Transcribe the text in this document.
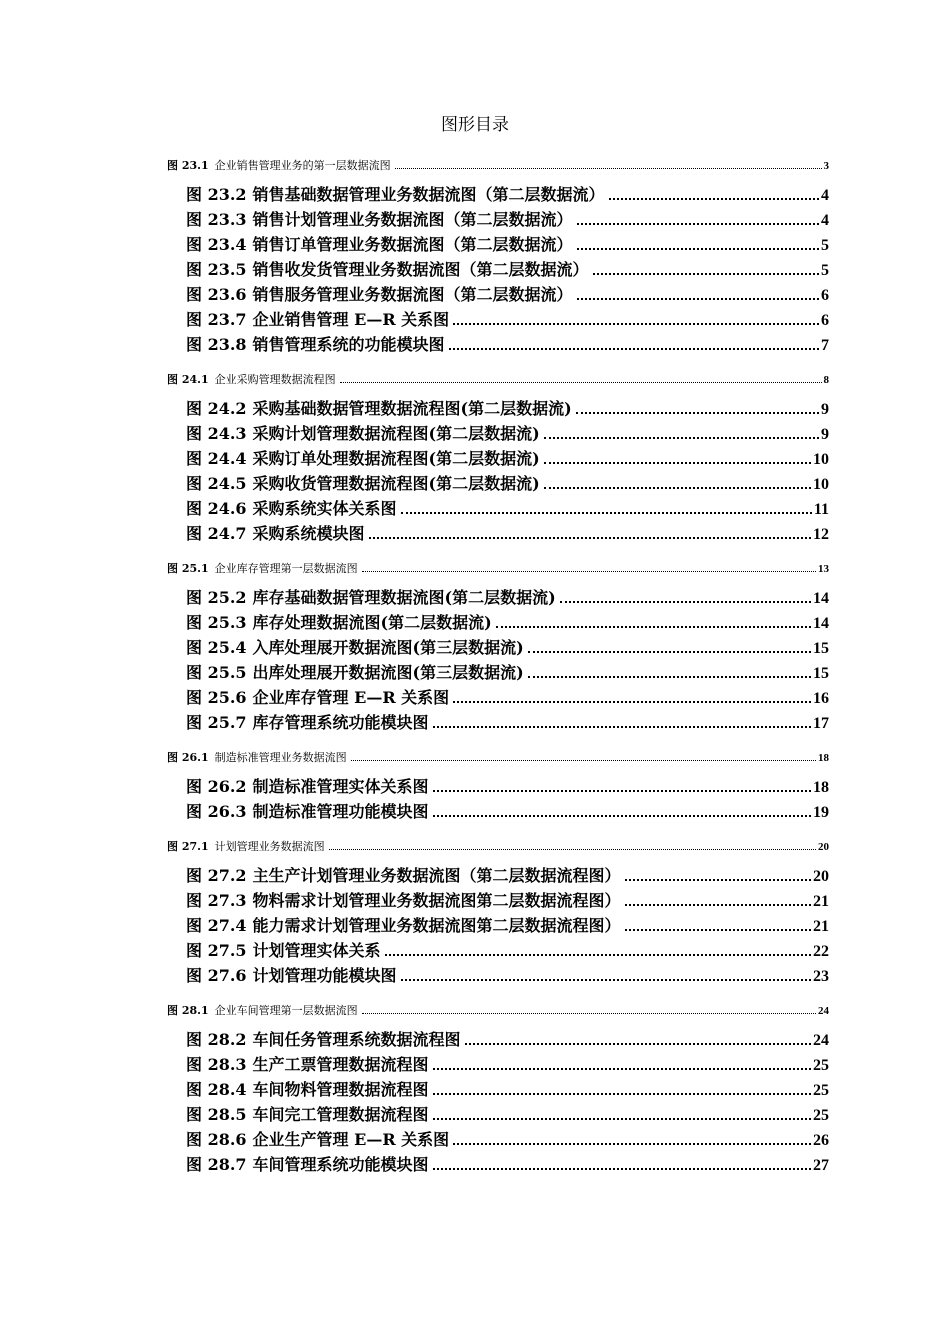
图形目录
图 23.1 企业销售管理业务的第一层数据流图	3
图 23.2 销售基础数据管理业务数据流图（第二层数据流）	4
图 23.3 销售计划管理业务数据流图（第二层数据流）	4
图 23.4 销售订单管理业务数据流图（第二层数据流）	5
图 23.5 销售收发货管理业务数据流图（第二层数据流）	5
图 23.6 销售服务管理业务数据流图（第二层数据流）	6
图 23.7 企业销售管理 E—R 关系图	6
图 23.8 销售管理系统的功能模块图	7
图 24.1 企业采购管理数据流程图	8
图 24.2 采购基础数据管理数据流程图(第二层数据流)	9
图 24.3 采购计划管理数据流程图(第二层数据流)	9
图 24.4 采购订单处理数据流程图(第二层数据流)	10
图 24.5 采购收货管理数据流程图(第二层数据流)	10
图 24.6 采购系统实体关系图	11
图 24.7 采购系统模块图	12
图 25.1 企业库存管理第一层数据流图	13
图 25.2 库存基础数据管理数据流图(第二层数据流)	14
图 25.3 库存处理数据流图(第二层数据流)	14
图 25.4 入库处理展开数据流图(第三层数据流)	15
图 25.5 出库处理展开数据流图(第三层数据流)	15
图 25.6 企业库存管理 E—R 关系图	16
图 25.7 库存管理系统功能模块图	17
图 26.1 制造标准管理业务数据流图	18
图 26.2 制造标准管理实体关系图	18
图 26.3 制造标准管理功能模块图	19
图 27.1 计划管理业务数据流图	20
图 27.2 主生产计划管理业务数据流图（第二层数据流程图）	20
图 27.3 物料需求计划管理业务数据流图第二层数据流程图）	21
图 27.4 能力需求计划管理业务数据流图第二层数据流程图）	21
图 27.5 计划管理实体关系	22
图 27.6 计划管理功能模块图	23
图 28.1 企业车间管理第一层数据流图	24
图 28.2 车间任务管理系统数据流程图	24
图 28.3 生产工票管理数据流程图	25
图 28.4 车间物料管理数据流程图	25
图 28.5 车间完工管理数据流程图	25
图 28.6 企业生产管理 E—R 关系图	26
图 28.7 车间管理系统功能模块图	27
